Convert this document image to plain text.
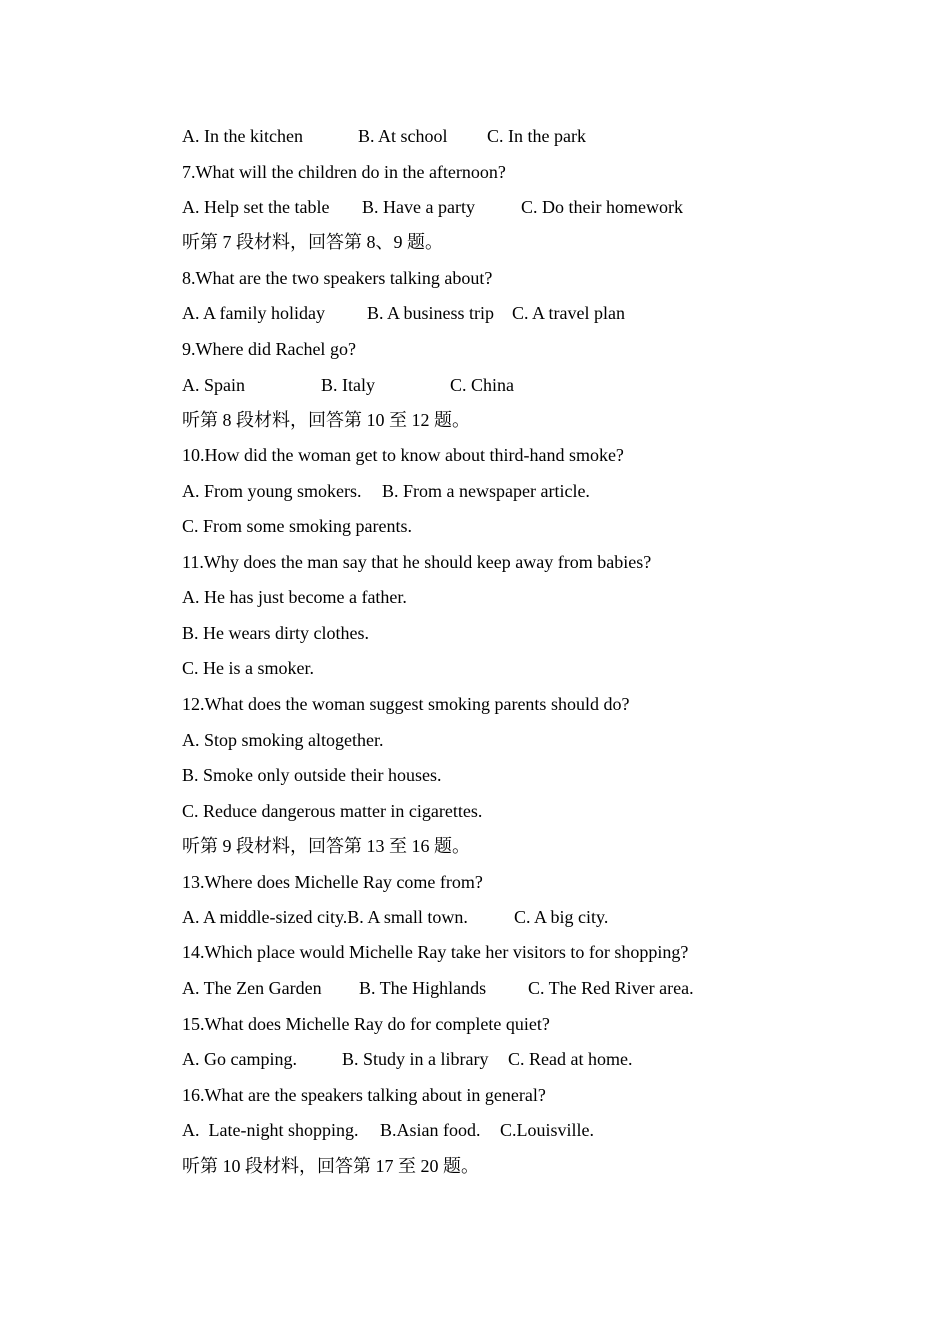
A. In the kitchen

	B. At school

C. In the park

7.What will the children do in the afternoon?

A. Help set the table

B. Have a party

	C. Do their homework

听第 7 段材料，回答第 8、9 题。
8.What are the two speakers talking about?

A. A family holiday

B. A business trip

C. A travel plan

9.Where did Rachel go?

A. Spain

	B. Italy

	C. China

听第 8 段材料，回答第 10 至 12 题。
10.How did the woman get to know about third-hand smoke?

A. From young smokers.

B. From a newspaper article.

C. From some smoking parents.
11.Why does the man say that he should keep away from babies?
A. He has just become a father.
B. He wears dirty clothes.
C. He is a smoker.
12.What does the woman suggest smoking parents should do?
A. Stop smoking altogether.
B. Smoke only outside their houses.
C. Reduce dangerous matter in cigarettes.
听第 9 段材料，回答第 13 至 16 题。
13.Where does Michelle Ray come from?

A. A middle-sized city.B. A small town.

	C. A big city.

14.Which place would Michelle Ray take her visitors to for shopping?

A. The Zen Garden

B. The Highlands

C. The Red River area.

15.What does Michelle Ray do for complete quiet?

A. Go camping.

	B. Study in a library

C. Read at home.

16.What are the speakers talking about in general?

A.  Late-night shopping.

B.Asian food.

C.Louisville.

听第 10 段材料，回答第 17 至 20 题。
